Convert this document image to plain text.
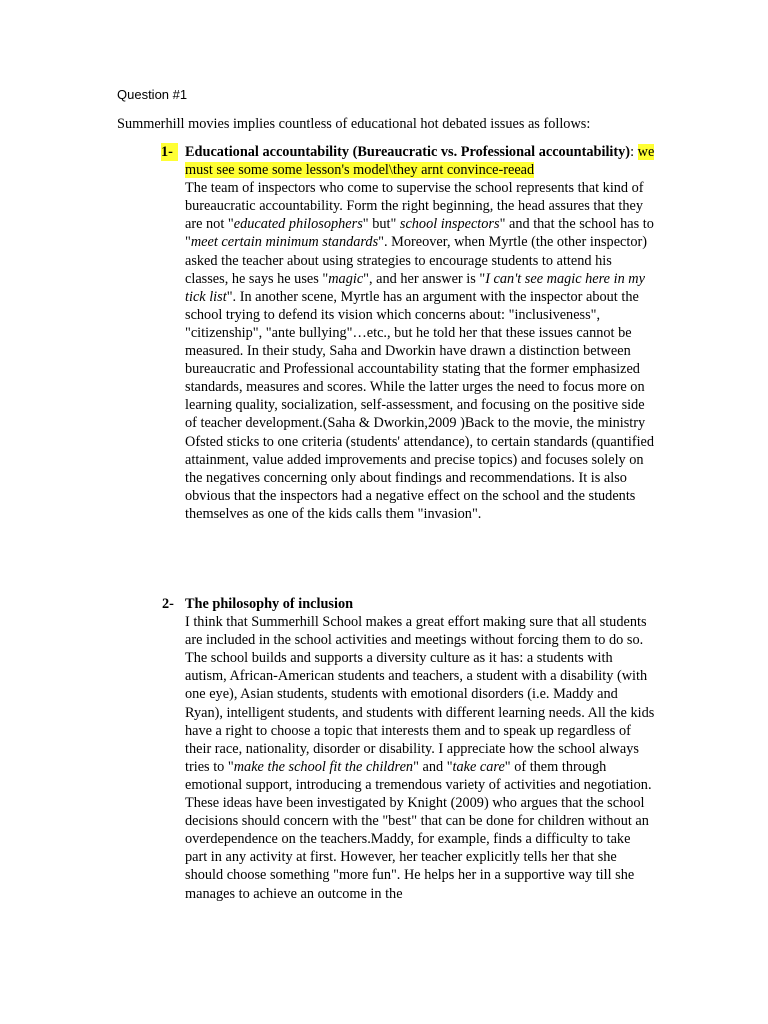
Question #1
Summerhill movies implies countless of educational hot debated issues as follows:
1- Educational accountability (Bureaucratic vs. Professional accountability): we must see some some lesson's model\they arnt convince-reead

The team of inspectors who come to supervise the school represents that kind of bureaucratic accountability. Form the right beginning, the head assures that they are not "educated philosophers" but" school inspectors" and that the school has to "meet certain minimum standards". Moreover, when Myrtle (the other inspector) asked the teacher about using strategies to encourage students to attend his classes, he says he uses "magic", and her answer is "I can't see magic here in my tick list". In another scene, Myrtle has an argument with the inspector about the school trying to defend its vision which concerns about: "inclusiveness", "citizenship", "ante bullying"…etc., but he told her that these issues cannot be measured. In their study, Saha and Dworkin have drawn a distinction between bureaucratic and Professional accountability stating that the former emphasized standards, measures and scores. While the latter urges the need to focus more on learning quality, socialization, self-assessment, and focusing on the positive side of teacher development.(Saha & Dworkin,2009 )Back to the movie, the ministry Ofsted sticks to one criteria (students' attendance), to certain standards (quantified attainment, value added improvements and precise topics) and focuses solely on the negatives concerning only about findings and recommendations. It is also obvious that the inspectors had a negative effect on the school and the students themselves as one of the kids calls them "invasion".

2- The philosophy of inclusion

I think that Summerhill School makes a great effort making sure that all students are included in the school activities and meetings without forcing them to do so. The school builds and supports a diversity culture as it has: a students with autism, African-American students and teachers, a student with a disability (with one eye), Asian students, students with emotional disorders (i.e. Maddy and Ryan), intelligent students, and students with different learning needs. All the kids have a right to choose a topic that interests them and to speak up regardless of their race, nationality, disorder or disability. I appreciate how the school always tries to "make the school fit the children" and "take care" of them through emotional support, introducing a tremendous variety of activities and negotiation. These ideas have been investigated by Knight (2009) who argues that the school decisions should concern with the "best" that can be done for children without an overdependence on the teachers.Maddy, for example, finds a difficulty to take part in any activity at first. However, her teacher explicitly tells her that she should choose something "more fun". He helps her in a supportive way till she manages to achieve an outcome in the
